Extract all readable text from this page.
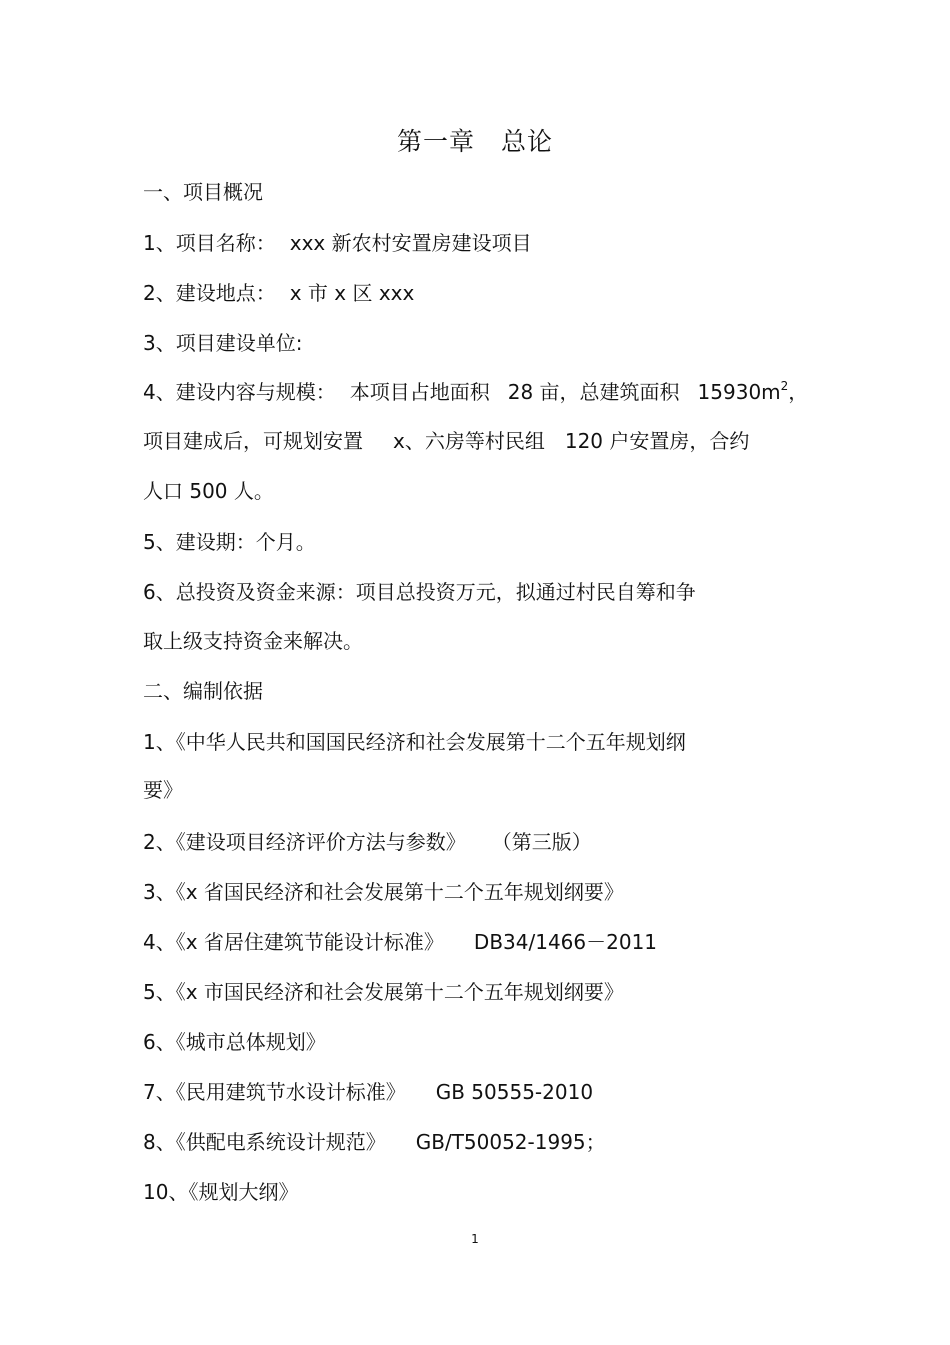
第一章　总论
一、项目概况
1、项目名称： xxx 新农村安置房建设项目
2、建设地点： x 市 x 区 xxx
3、项目建设单位:
4、建设内容与规模： 本项目占地面积 28 亩，总建筑面积 $15930m^2$，
项目建成后，可规划安置 x、六房等村民组 120 户安置房，合约
人口 500 人。
5、建设期：个月。
6、总投资及资金来源：项目总投资万元，拟通过村民自筹和争
取上级支持资金来解决。
二、编制依据
1、《中华人民共和国国民经济和社会发展第十二个五年规划纲
要》
2、《建设项目经济评价方法与参数》 （第三版）
3、《x 省国民经济和社会发展第十二个五年规划纲要》
4、《x 省居住建筑节能设计标准》 DB34/1466－2011
5、《x 市国民经济和社会发展第十二个五年规划纲要》
6、《城市总体规划》
7、《民用建筑节水设计标准》 GB 50555-2010
8、《供配电系统设计规范》 GB/T50052-1995；
10、《规划大纲》
1
